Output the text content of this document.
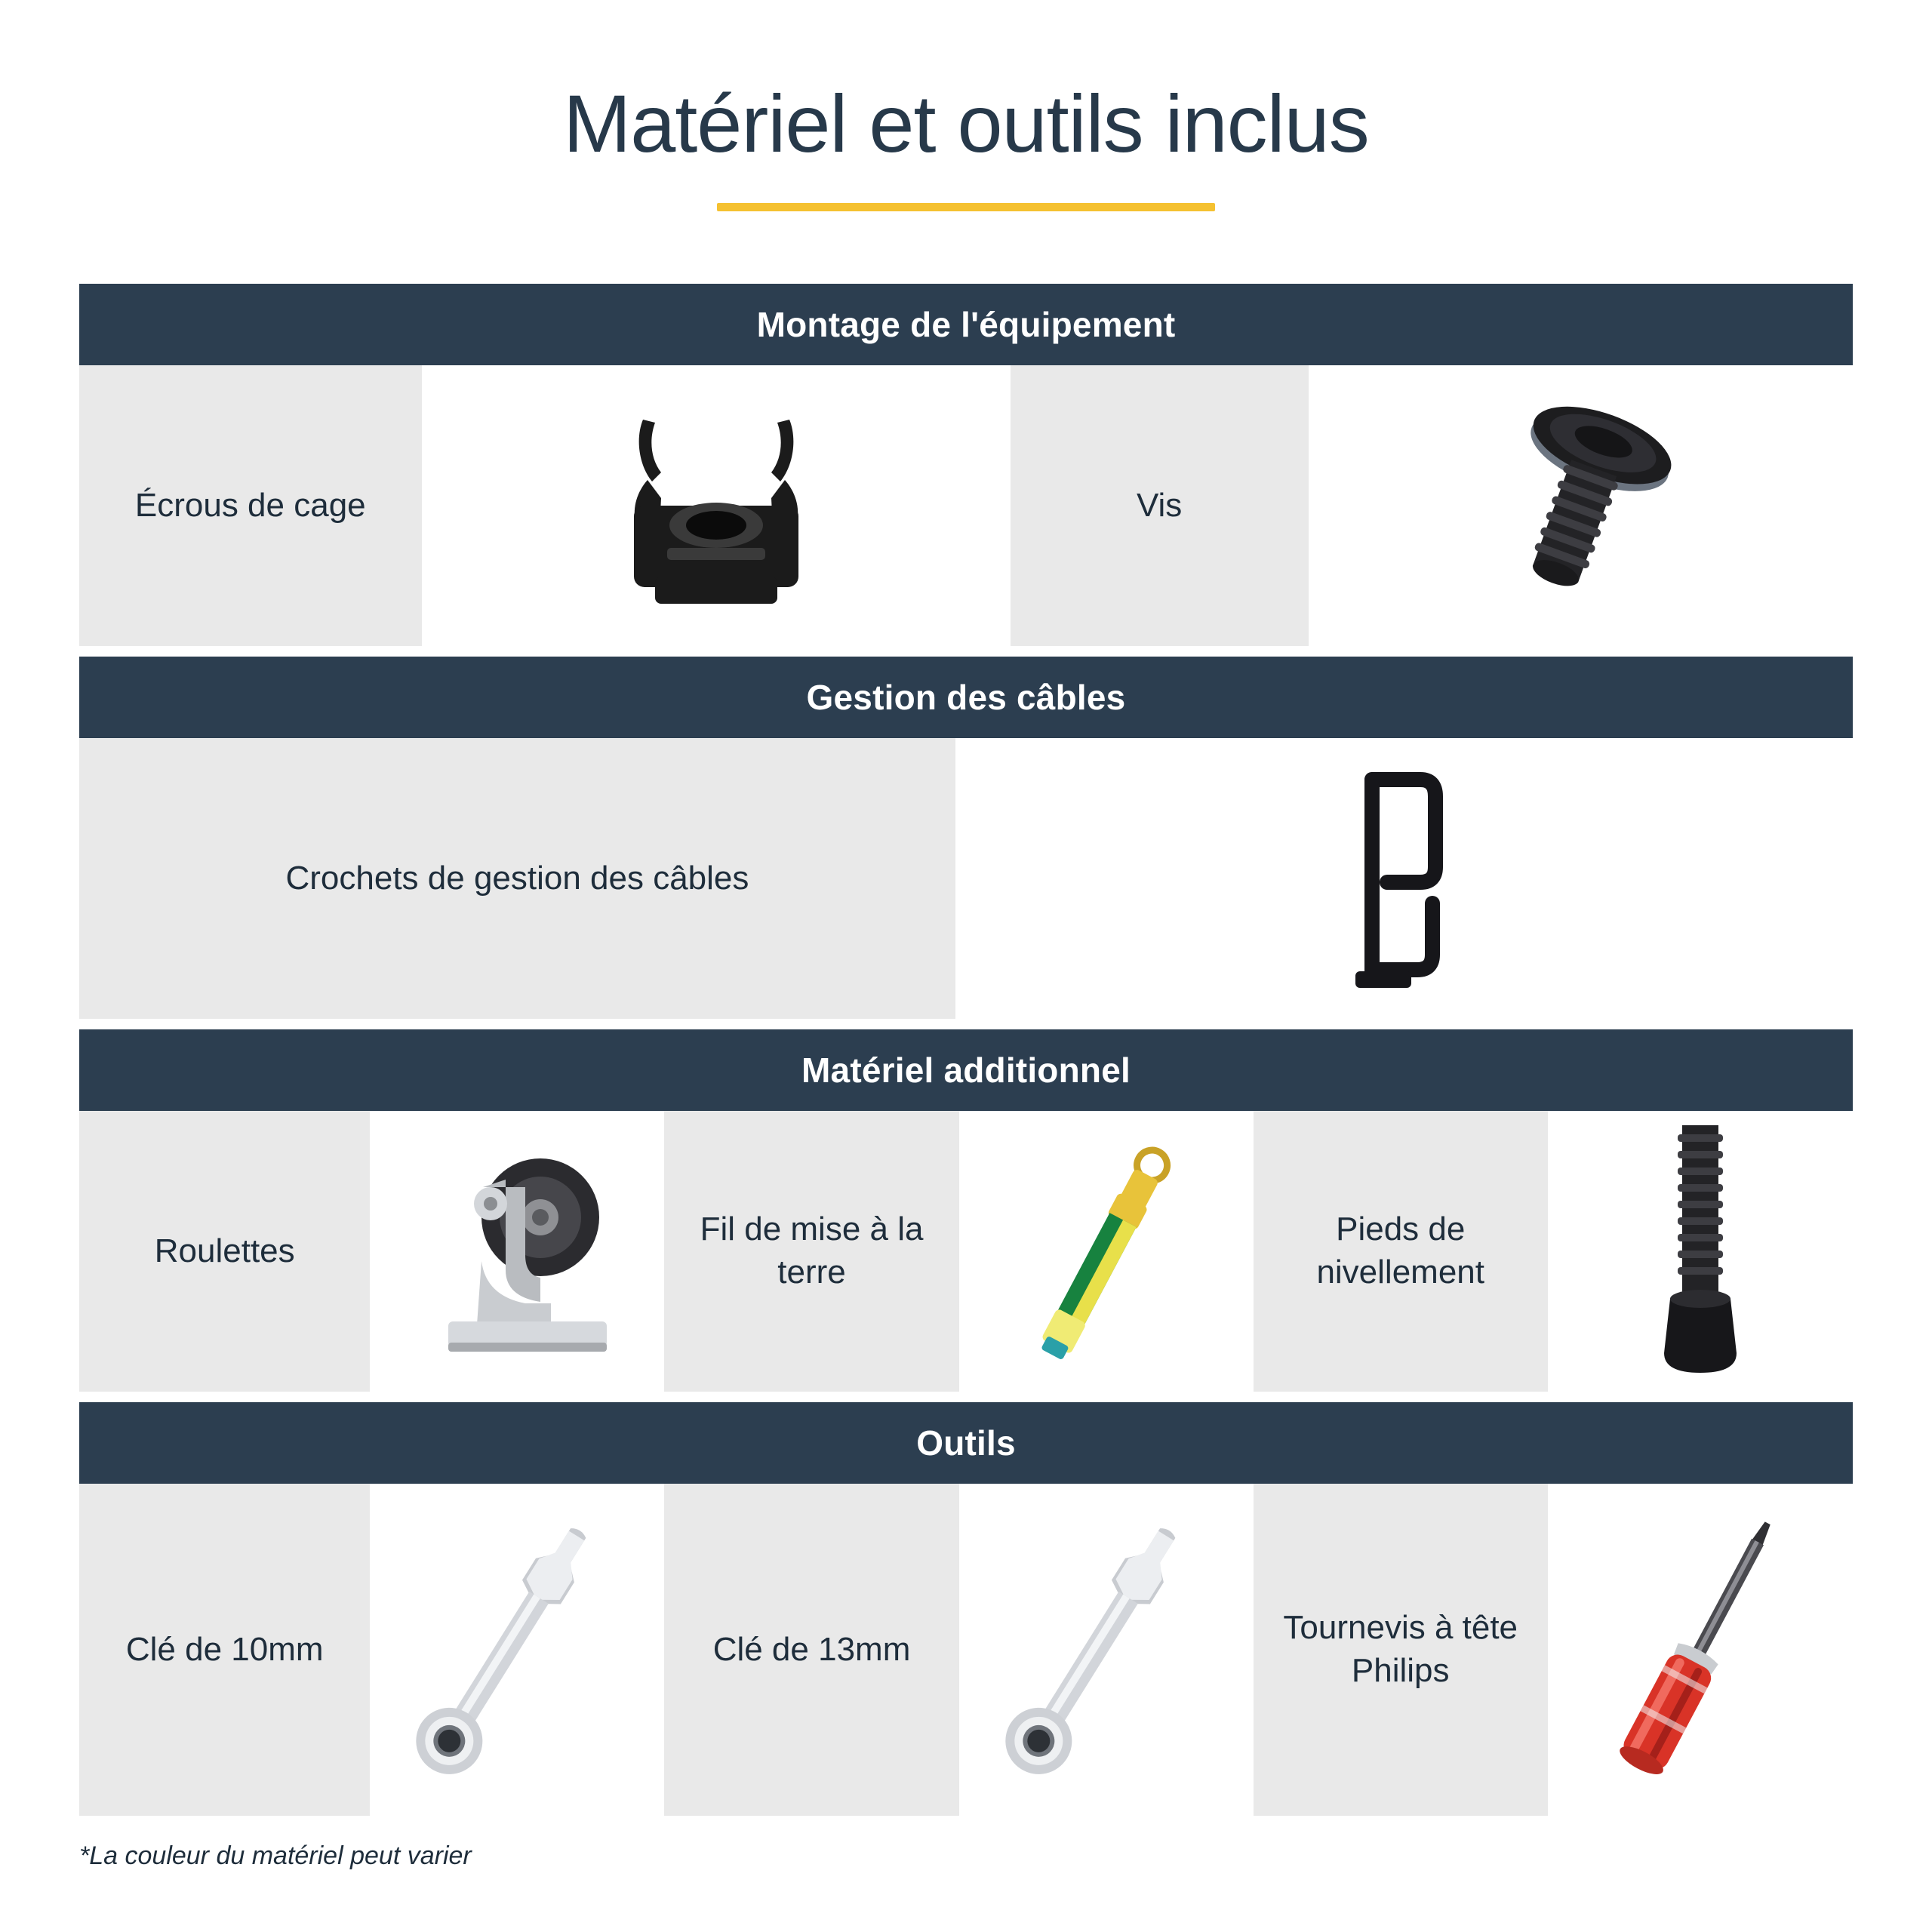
Matériel et outils inclus
Montage de l'équipement
Écrous de cage	Vis
Gestion des câbles
Crochets de gestion des câbles
Matériel additionnel
Roulettes
Fil de mise à la terre
Pieds de nivellement
Outils
Clé de 10mm	Clé de 13mm
Tournevis à tête Philips
*La couleur du matériel peut varier
